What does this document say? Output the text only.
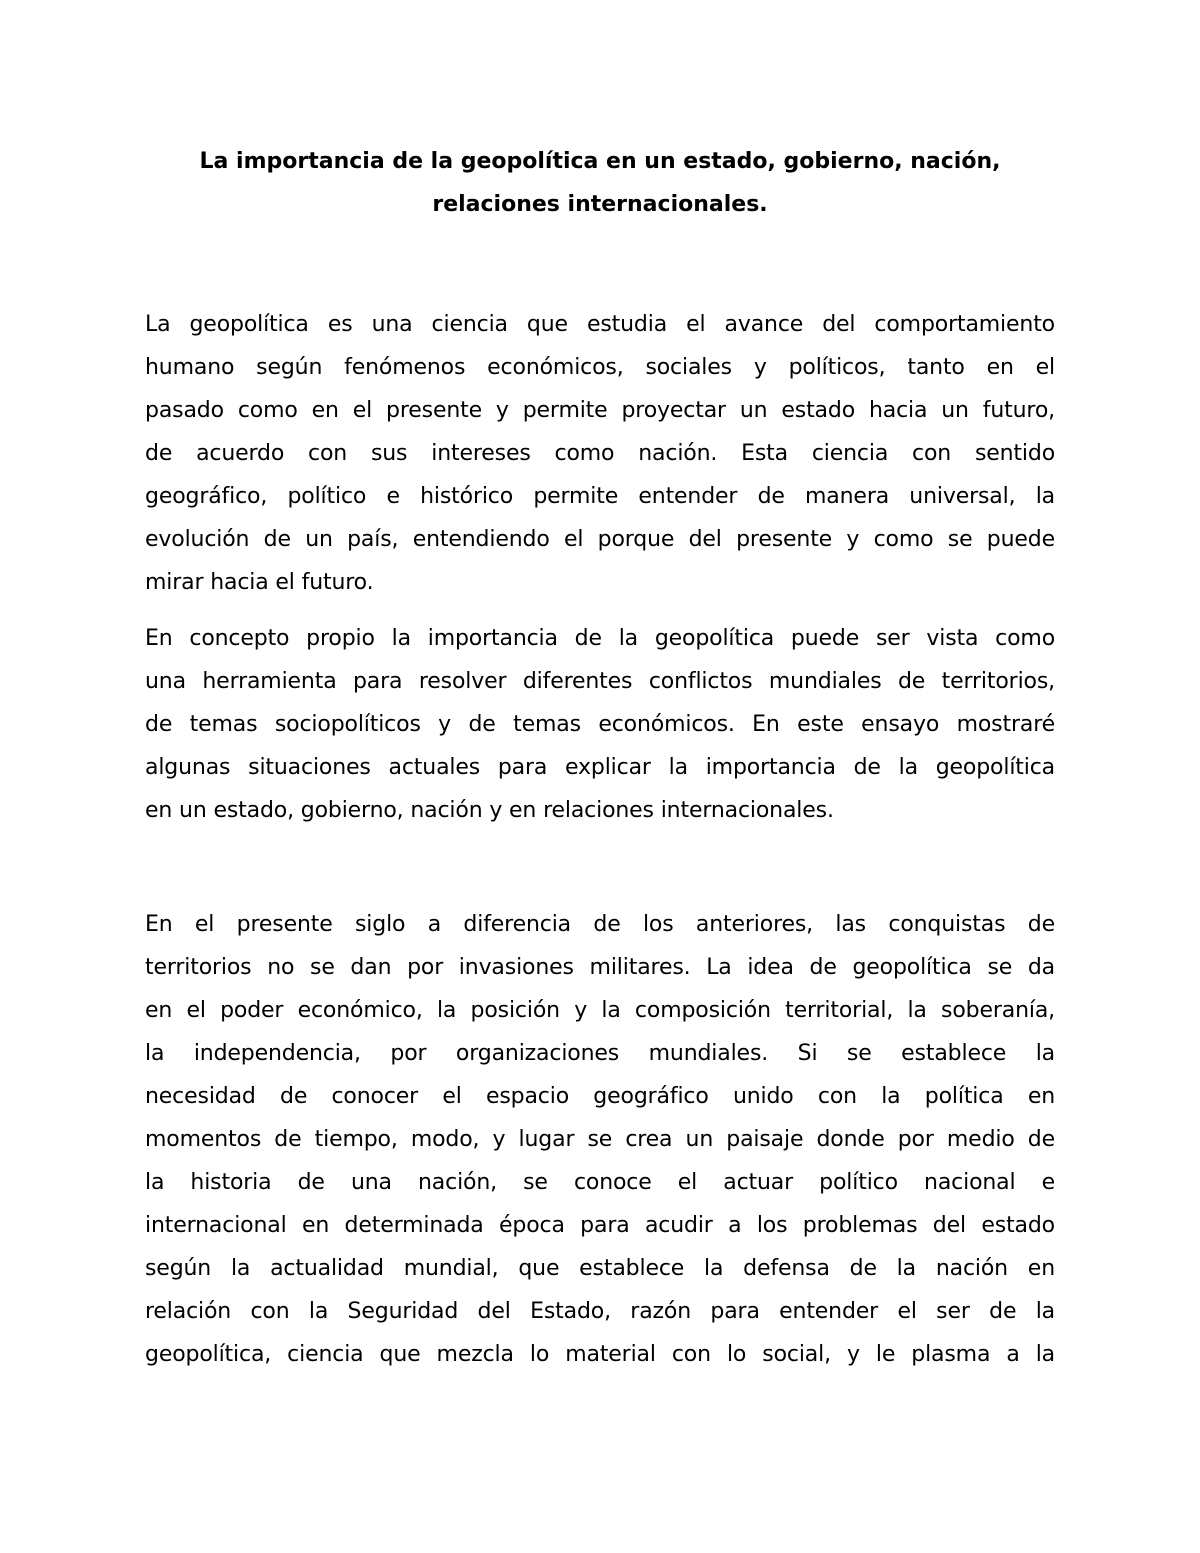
La importancia de la geopolítica en un estado, gobierno, nación,
relaciones internacionales.

La geopolítica es una ciencia que estudia el avance del comportamiento
humano según fenómenos económicos, sociales y políticos, tanto en el
pasado como en el presente y permite proyectar un estado hacia un futuro,
de acuerdo con sus intereses como nación. Esta ciencia con sentido
geográfico, político e histórico permite entender de manera universal, la
evolución de un país, entendiendo el porque del presente y como se puede
mirar hacia el futuro.

En concepto propio la importancia de la geopolítica puede ser vista como
una herramienta para resolver diferentes conflictos mundiales de territorios,
de temas sociopolíticos y de temas económicos. En este ensayo mostraré
algunas situaciones actuales para explicar la importancia de la geopolítica
en un estado, gobierno, nación y en relaciones internacionales.

En el presente siglo a diferencia de los anteriores, las conquistas de
territorios no se dan por invasiones militares. La idea de geopolítica se da
en el poder económico, la posición y la composición territorial, la soberanía,
la independencia, por organizaciones mundiales. Si se establece la
necesidad de conocer el espacio geográfico unido con la política en
momentos de tiempo, modo, y lugar se crea un paisaje donde por medio de
la historia de una nación, se conoce el actuar político nacional e
internacional en determinada época para acudir a los problemas del estado
según la actualidad mundial, que establece la defensa de la nación en
relación con la Seguridad del Estado, razón para entender el ser de la
geopolítica, ciencia que mezcla lo material con lo social, y le plasma a la
